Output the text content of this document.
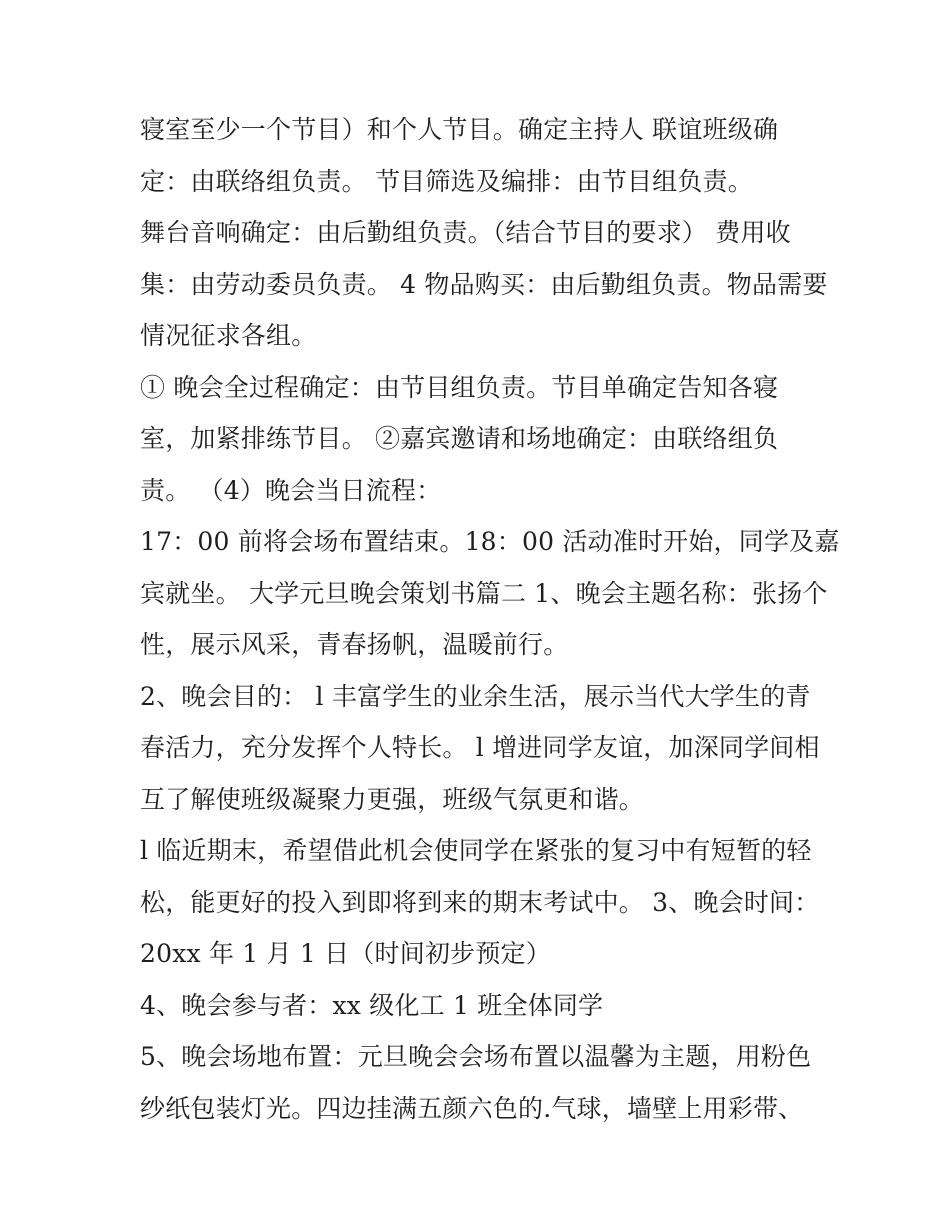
寝室至少一个节目）和个人节目。确定主持人 联谊班级确
定：由联络组负责。 节目筛选及编排：由节目组负责。
舞台音响确定：由后勤组负责。（结合节目的要求） 费用收
集：由劳动委员负责。 4 物品购买：由后勤组负责。物品需要
情况征求各组。
① 晚会全过程确定：由节目组负责。节目单确定告知各寝
室，加紧排练节目。 ②嘉宾邀请和场地确定：由联络组负
责。 （4）晚会当日流程：
17：00 前将会场布置结束。18：00 活动准时开始，同学及嘉
宾就坐。 大学元旦晚会策划书篇二 1、晚会主题名称：张扬个
性，展示风采，青春扬帆，温暖前行。
2、晚会目的： l 丰富学生的业余生活，展示当代大学生的青
春活力，充分发挥个人特长。 l 增进同学友谊，加深同学间相
互了解使班级凝聚力更强，班级气氛更和谐。
l 临近期末，希望借此机会使同学在紧张的复习中有短暂的轻
松，能更好的投入到即将到来的期末考试中。 3、晚会时间：
20xx 年 1 月 1 日（时间初步预定）
4、晚会参与者：xx 级化工 1 班全体同学
5、晚会场地布置：元旦晚会会场布置以温馨为主题，用粉色
纱纸包装灯光。四边挂满五颜六色的.气球，墙壁上用彩带、
